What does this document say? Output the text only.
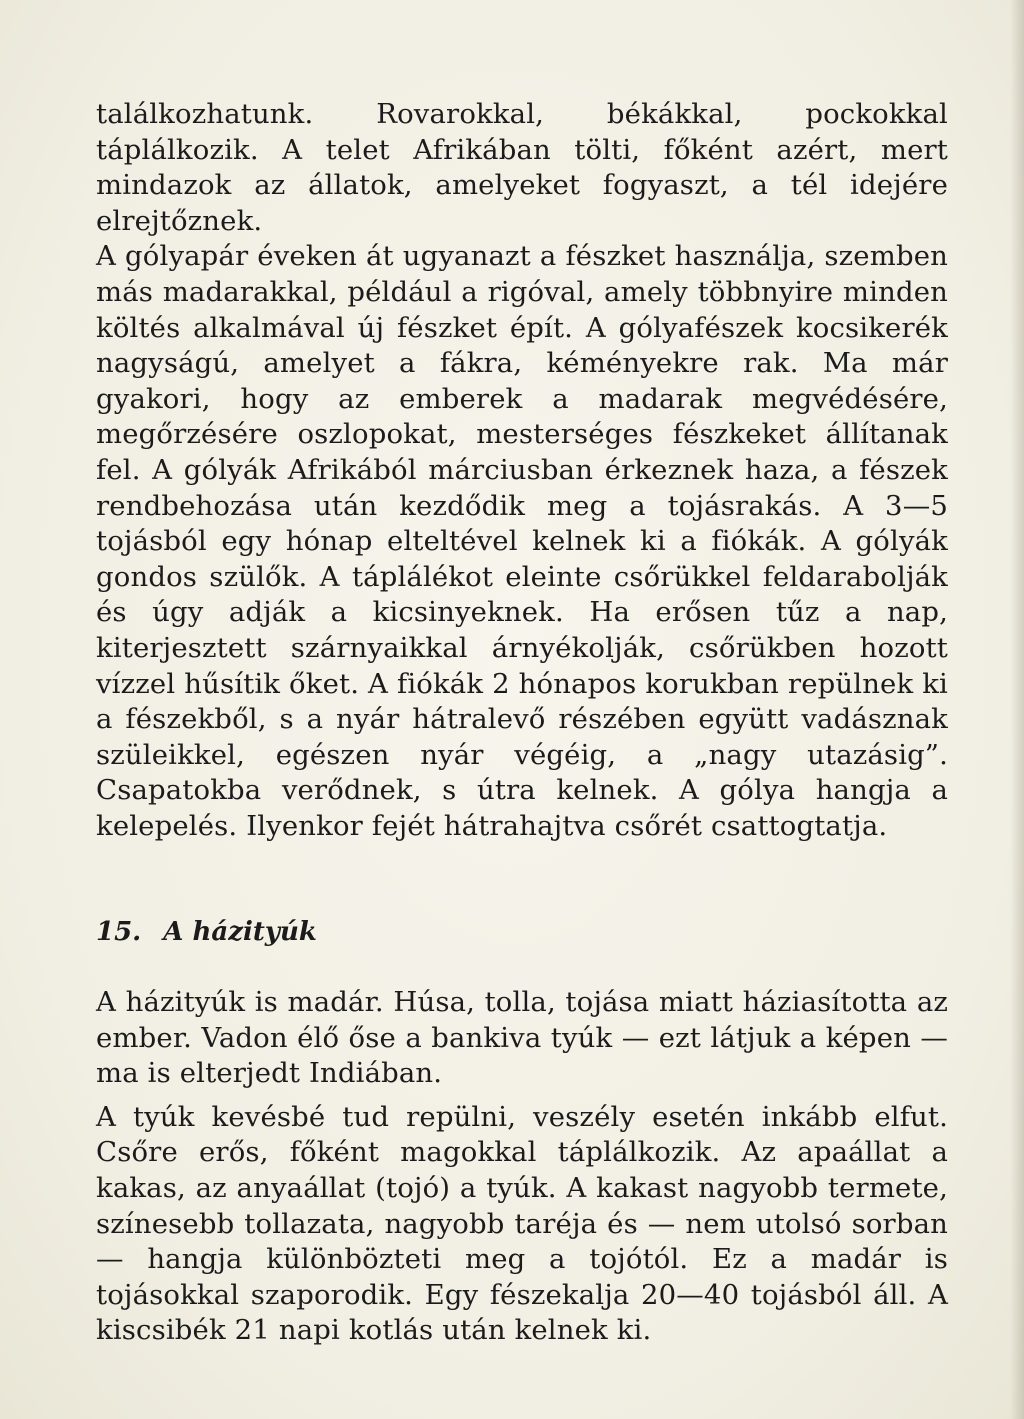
találkozhatunk. Rovarokkal, békákkal, pockokkal táplálkozik. A telet Afrikában tölti, főként azért, mert mindazok az állatok, amelyeket fogyaszt, a tél idejére elrejtőznek.

A gólyapár éveken át ugyanazt a fészket használja, szemben más madarakkal, például a rigóval, amely többnyire minden költés alkalmával új fészket épít. A gólyafészek kocsikerék nagyságú, amelyet a fákra, kéményekre rak. Ma már gyakori, hogy az emberek a madarak megvédésére, megőrzésére oszlopokat, mesterséges fészkeket állítanak fel. A gólyák Afrikából márciusban érkeznek haza, a fészek rendbehozása után kezdődik meg a tojásrakás. A 3—5 tojásból egy hónap elteltével kelnek ki a fiókák. A gólyák gondos szülők. A táplálékot eleinte csőrükkel feldarabolják és úgy adják a kicsinyeknek. Ha erősen tűz a nap, kiterjesztett szárnyaikkal árnyékolják, csőrükben hozott vízzel hűsítik őket. A fiókák 2 hónapos korukban repülnek ki a fészekből, s a nyár hátralevő részében együtt vadásznak szüleikkel, egészen nyár végéig, a „nagy utazásig”. Csapatokba verődnek, s útra kelnek. A gólya hangja a kelepelés. Ilyenkor fejét hátrahajtva csőrét csattogtatja.

15. A házityúk

A házityúk is madár. Húsa, tolla, tojása miatt háziasította az ember. Vadon élő őse a bankiva tyúk — ezt látjuk a képen — ma is elterjedt Indiában.

A tyúk kevésbé tud repülni, veszély esetén inkább elfut. Csőre erős, főként magokkal táplálkozik. Az apaállat a kakas, az anyaállat (tojó) a tyúk. A kakast nagyobb termete, színesebb tollazata, nagyobb taréja és — nem utolsó sorban — hangja különbözteti meg a tojótól. Ez a madár is tojásokkal szaporodik. Egy fészekalja 20—40 tojásból áll. A kiscsibék 21 napi kotlás után kelnek ki.
